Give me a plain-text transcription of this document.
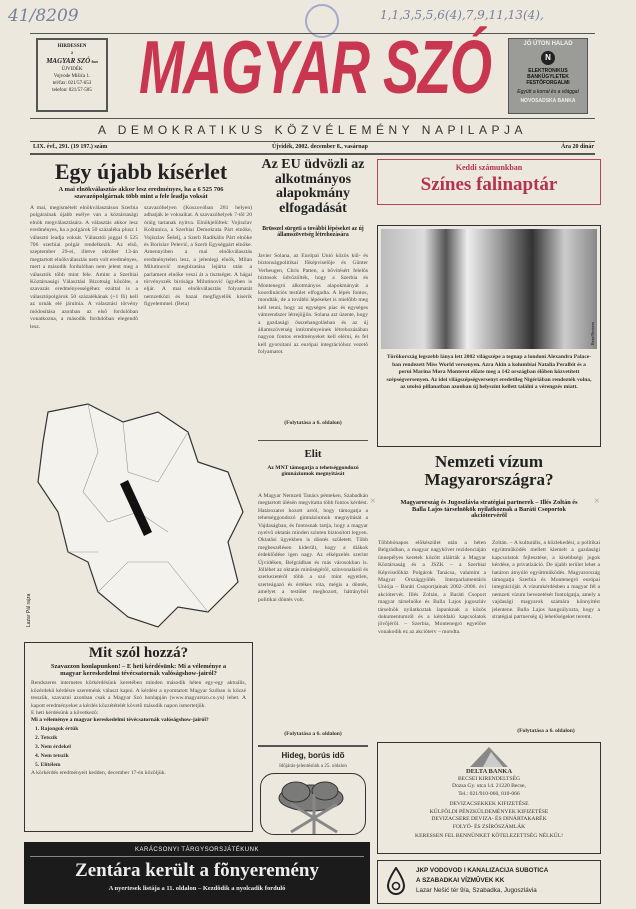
41/8209	1,1,3,5,5,6(4),7,9,11,13(4),
HIRDESSEN
a
MAGYAR SZÓ-ban
ÚJVIDÉK
Vojvode Mišića 1.
tel/fax: 021/57-653
telefon: 021/57-505 MAGYAR SZÓ	JÓ ÚTON HALAD
N
ELEKTRONIKUS BANKÜGYLETEK FESTŐFORGALMI
Együtt a korral és a világgal
NOVOSADSKA BANKA
A DEMOKRATIKUS KÖZVÉLEMÉNY NAPILAPJA
LIX. évf., 291. (19 197.) szám	Újvidék, 2002. december 8., vasárnap	Ára 20 dinár
Egy újabb kísérlet
A mai elnökválasztás akkor lesz eredményes, ha a 6 525 706 szavazópolgárnak több mint a fele leadja voksát
A mai, megismételt elnökválasztáson Szerbia polgárainak újabb esélye van a köztársasági elnök megválasztására. A választás akkor lesz eredményes, ha a polgárok 50 százaléka plusz 1 választó leadja voksát. Választói joggal 6 525 706 szerbiai polgár rendelkezik. Az elsõ, szeptember 29-ei, illetve október 13-án megtartott elnökválasztás nem volt eredményes, mert a második fordulóban nem jelent meg a választók több mint fele. Amint a Szerbiai Köztársasági Választási Bizottság közölte, a szavazás eredményességéhez ezúttal is a választópolgárok 50 százalékának (+1 fõ) kell az urnák elé járulnia. A választási törvény módosítása azonban az elsõ fordulóban vonatkozna, a második fordulóban elegendõ lesz.
szavazóhelyen (Koszovóban 281 helyen) adhatják le voksaikat. A szavazóhelyek 7-tõl 20 óráig tartanak nyitva. Elnökjelöltek: Vojiszlav Koštunica, a Szerbiai Demokrata Párt elnöke, Vojiszlav Šešelj, a Szerb Radikális Párt elnöke és Borislav Pelević, a Szerb Egységpárt elnöke. Amennyiben a mai elnökválasztás eredménytelen lesz, a jelenlegi elnök, Milan Milutinović megbízatása lejárta után a parlament elnöke veszi át a tisztséget. A hágai törvényszék bírósága Milutinović ügyében is eljár. A mai elnökválasztás folyamatát nemzetközi és hazai megfigyelõk kísérik figyelemmel. (Beta)
Lazar Pál rajza
Mit szól hozzá?
Szavazzon honlapunkon! – E heti kérdésünk: Mi a véleménye a magyar kereskedelmi tévécsatornák valóságshow-jairól?
Rendszeres internetes körkérdésünk keretében minden második héten egy-egy aktuális, közérdekû kérdésre szeretnénk választ kapni. A kérdést a nyomtatott Magyar Szóban is közzé tesszük, szavazni azonban csak a Magyar Szó honlapján (www.magyarszo.co.yu) lehet. A kapott eredményeket a kérdés közzétételét követõ második napon ismertetjük.
E heti kérdésünk a következõ:
Mi a véleménye a magyar kereskedelmi tévécsatornák valóságshow-jairól?
1. Rajongok értük
2. Tetszik
3. Nem érdekel
4. Nem tetszik
5. Elítélem
A körkérdés eredményeit kedden, december 17-én közöljük.
KARÁCSONYI TÁRGYSORSJÁTÉKUNK
Zentára került a fõnyeremény
A nyertesek listája a 11. oldalon – Kezdõdik a nyolcadik forduló
Az EU üdvözli az alkotmányos alapokmány elfogadását
Brüsszel sürgeti a további lépéseket az új államszövetség létrehozására
Javier Solana, az Európai Unió közös kül- és biztonságpolitikai fõképviselõje és Günter Verheugen, Chris Patten, a bõvítésért felelõs biztosok üdvözölték, hogy a Szerbia és Montenegró alkotmányos alapokmányát a koordinációs testület elfogadta. A lépés fontos, mondták, de a további lépéseket is mielõbb meg kell tenni, hogy az egységes piac és egységes vámrendszer létrejöjjön. Solana azt üzente, hogy a gazdasági összehangolásban és az új államszövetség intézményeinek létrehozásában nagyon fontos eredményeket kell elérni, és fel kell gyorsítani az európai integrációhoz vezetõ folyamatot.
(Folytatása a 6. oldalon)
Elit
Az MNT támogatja a tehetséggondozó gimnáziumok megnyitását
A Magyar Nemzeti Tanács pénteken, Szabadkán megtartott ülésén megvitatta több fontos kérdést. Határozatot hozott arról, hogy támogatja a tehetséggondozó gimnáziumok megnyitását a Vajdaságban, és fontosnak tartja, hogy a magyar nyelvû oktatás minden szinten biztosított legyen. Oktatási ügyekben is döntés született. Több megbeszélésen kiderült, hogy a diákok érdeklõdése igen nagy. Az elképzelés szerint Újvidéken, Belgrádban és más városokban is. Jólléhet az oktatás minõségérõl, színvonaláról és szerkezetérõl több a szó mint egyetlen, szerteágazó és értékes vita, mégis a döntés, amelyet a testület meghozott, hátrányból politikai döntés volt.
(Folytatása a 6. oldalon)
Hideg, borús idõ
Idõjárás-jelentésünk a 25. oldalon
Keddi számunkban
Színes falinaptár
Beta/Reuters
Törökország legszebb lánya lett 2002 világszépe a tegnap a londoni Alexandra Palace-ban rendezett Miss World versenyen. Azra Akin a kolumbiai Natalia Peralbit és a perui Marina Mora Monterot elõzte meg a 142 országban élõben közvetített szépségversenyen. Az idei világszépségversenyt eredetileg Nigériában rendezték volna, az utolsó pillanatban azonban új helyszínt kellett találni a vérengzés miatt.
Nemzeti vízum Magyarországra?
Magyarország és Jugoszlávia stratégiai partnerek – Illés Zoltán és Balla Lajos társelnökök nyilatkoznak a Baráti Csoportok akciótervérõl
×	×
Többhónapos elõkészület után a héten Belgrádban, a magyar nagykövet rezidenciáján ünnepélyes keretek között aláírták a Magyar Köztársaság és a JSZK – a Szerbiai Képviselõház Polgárok Tanácsa, valamint a Magyar Országgyûlés Interparlamentáris Uniója – Baráti Csoportjainak 2002–2006. évi akciótervét. Illés Zoltán, a Baráti Csoport magyar társelnöke és Balla Lajos jugoszláv társelnök nyilatkoztak lapunknak a közös dokumentumról és a kétoldalú kapcsolatok jövõjérõl. – Szerbia, Montenegró egyelõre vonakodik ez az akcióterv – mondta.
Zoltán. – A kulturális, a közlekedési, a politikai együttmûködés mellett kiemelt a gazdasági kapcsolatok fejlesztése, a kisebbségi jogok kérdése, a privatizáció. De újabb terület lehet a határon átnyúló együttmûködés. Magyarország támogatja Szerbia és Montenegró európai integrációját. A vízumkérdésben a magyar fél a nemzeti vízum bevezetését fontolgatja, amely a vajdasági magyarok számára könnyítést jelentene. Balla Lajos hangsúlyozta, hogy a stratégiai partnerség új lehetõségeket teremt.
(Folytatása a 6. oldalon)
DELTA BANKA
BECSEI KIRENDELTSÉG
Dozsa Gy. utca 14. 21220 Becse,
Tel.: 021/910-060, 810-066
DEVIZACSEKKEK KIFIZETÉSE
KÜLFÖLDI PÉNZKÜLDEMÉNYEK KIFIZETÉSE
DEVIZACSERE DEVIZA- ÉS DINÁRTAKARÉK
FOLYÓ- ÉS ZSÍRÓSZÁMLÁK
KERESSEN FEL BENNÜNKET KÖTELEZETTSÉG NÉLKÜL!
JKP VODOVOD I KANALIZACIJA SUBOTICA
A SZABADKAI VÍZMÛVEK KK
Lazar Nešić tér 9/a, Szabadka, Jugoszlávia
